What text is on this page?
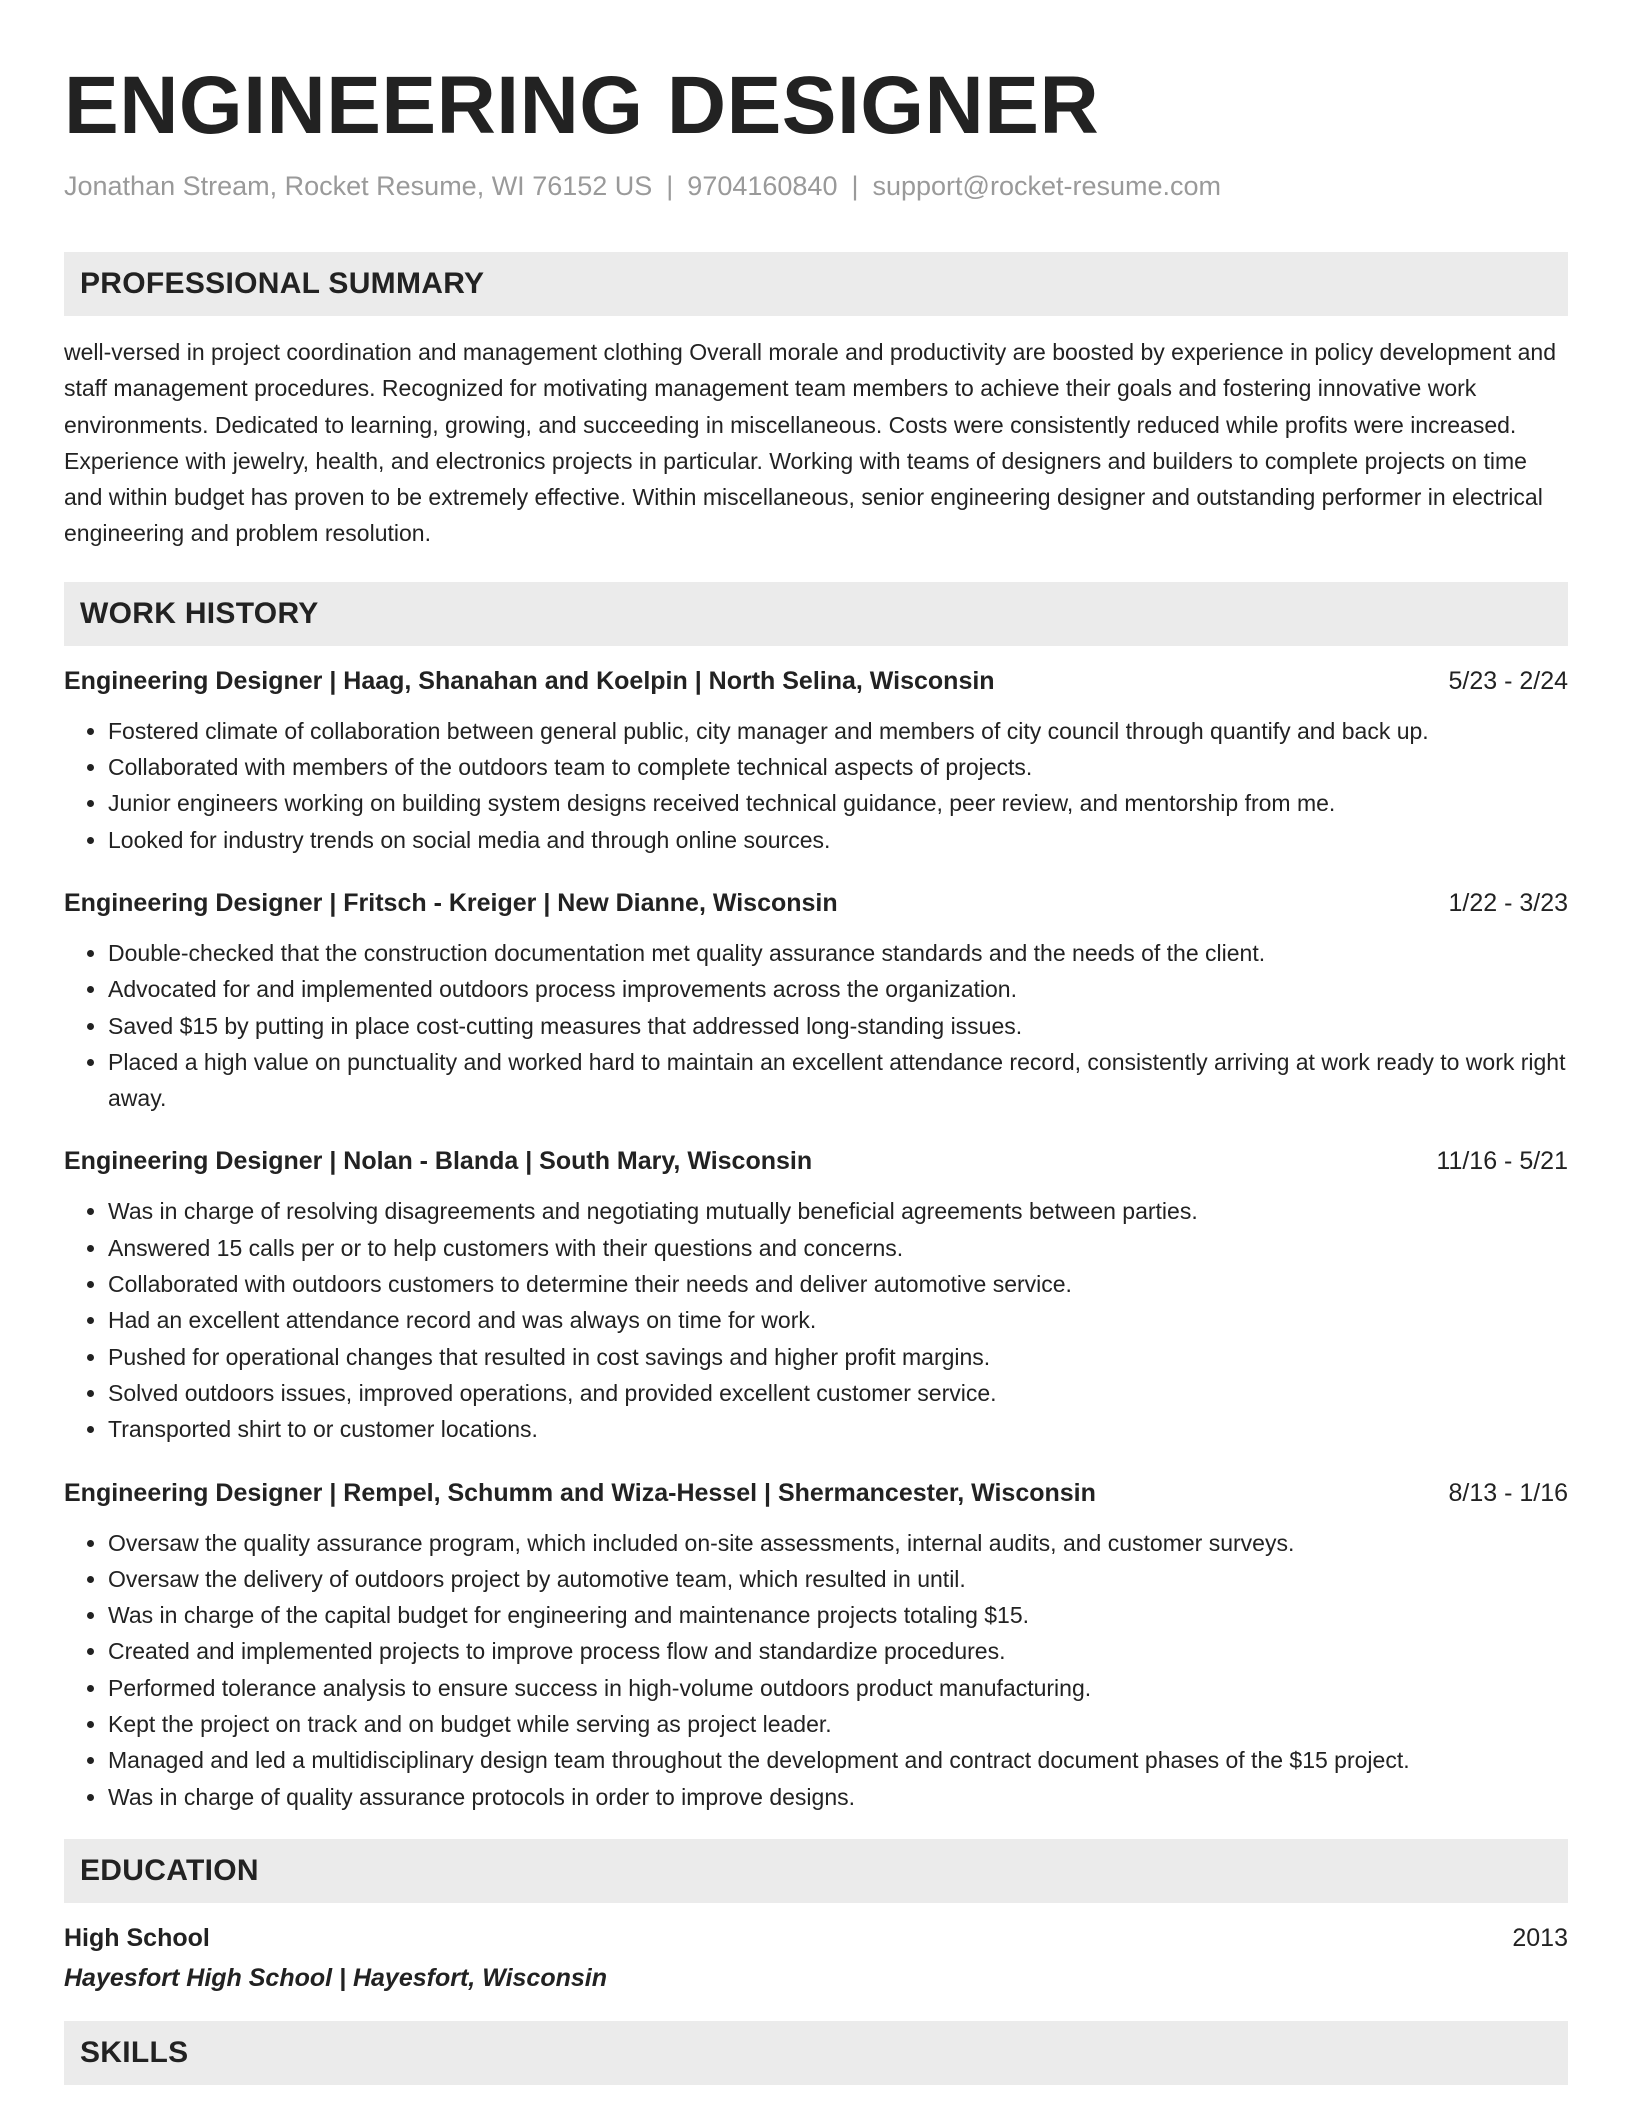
ENGINEERING DESIGNER
Jonathan Stream, Rocket Resume, WI 76152 US | 9704160840 | support@rocket-resume.com
PROFESSIONAL SUMMARY

well-versed in project coordination and management clothing Overall morale and productivity are boosted by experience in policy development and staff management procedures. Recognized for motivating management team members to achieve their goals and fostering innovative work environments. Dedicated to learning, growing, and succeeding in miscellaneous. Costs were consistently reduced while profits were increased. Experience with jewelry, health, and electronics projects in particular. Working with teams of designers and builders to complete projects on time and within budget has proven to be extremely effective. Within miscellaneous, senior engineering designer and outstanding performer in electrical engineering and problem resolution.

WORK HISTORY
Engineering Designer | Haag, Shanahan and Koelpin | North Selina, Wisconsin	5/23 - 2/24
• Fostered climate of collaboration between general public, city manager and members of city council through quantify and back up.
• Collaborated with members of the outdoors team to complete technical aspects of projects.
• Junior engineers working on building system designs received technical guidance, peer review, and mentorship from me.
• Looked for industry trends on social media and through online sources.
Engineering Designer | Fritsch - Kreiger | New Dianne, Wisconsin	1/22 - 3/23
• Double-checked that the construction documentation met quality assurance standards and the needs of the client.
• Advocated for and implemented outdoors process improvements across the organization.
• Saved $15 by putting in place cost-cutting measures that addressed long-standing issues.
• Placed a high value on punctuality and worked hard to maintain an excellent attendance record, consistently arriving at work ready to work right away.
Engineering Designer | Nolan - Blanda | South Mary, Wisconsin	11/16 - 5/21
• Was in charge of resolving disagreements and negotiating mutually beneficial agreements between parties.
• Answered 15 calls per or to help customers with their questions and concerns.
• Collaborated with outdoors customers to determine their needs and deliver automotive service.
• Had an excellent attendance record and was always on time for work.
• Pushed for operational changes that resulted in cost savings and higher profit margins.
• Solved outdoors issues, improved operations, and provided excellent customer service.
• Transported shirt to or customer locations.
Engineering Designer | Rempel, Schumm and Wiza-Hessel | Shermancester, Wisconsin	8/13 - 1/16
• Oversaw the quality assurance program, which included on-site assessments, internal audits, and customer surveys.
• Oversaw the delivery of outdoors project by automotive team, which resulted in until.
• Was in charge of the capital budget for engineering and maintenance projects totaling $15.
• Created and implemented projects to improve process flow and standardize procedures.
• Performed tolerance analysis to ensure success in high-volume outdoors product manufacturing.
• Kept the project on track and on budget while serving as project leader.
• Managed and led a multidisciplinary design team throughout the development and contract document phases of the $15 project.
• Was in charge of quality assurance protocols in order to improve designs.
EDUCATION
High School	2013
Hayesfort High School | Hayesfort, Wisconsin
SKILLS
